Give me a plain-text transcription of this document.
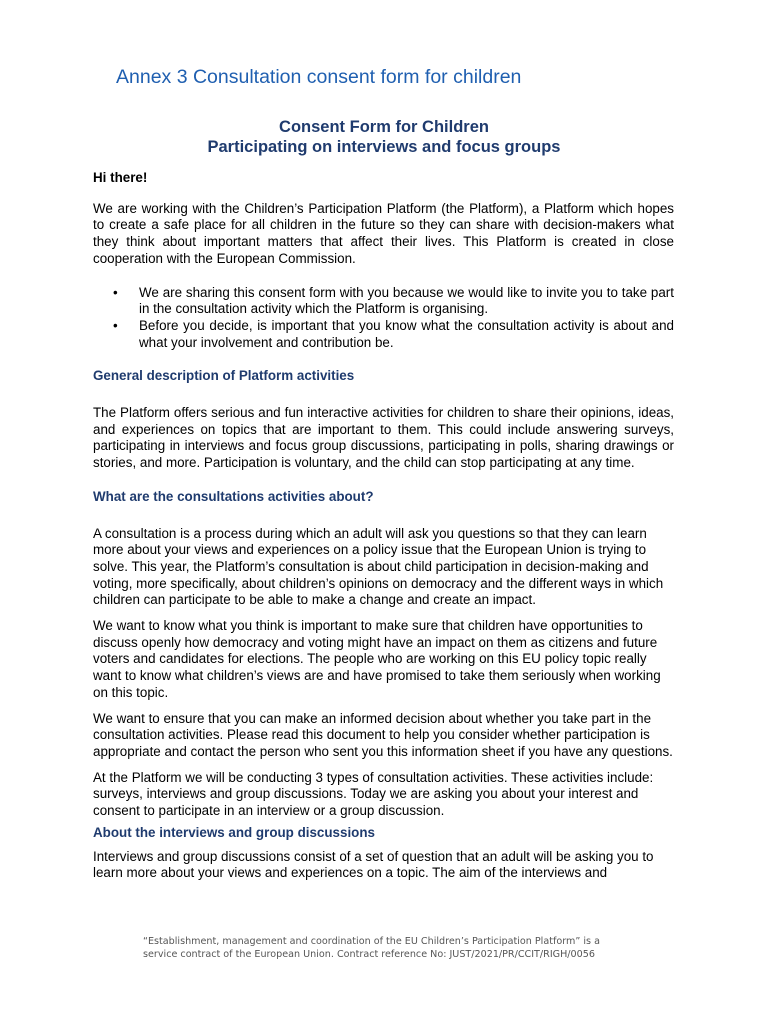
Annex 3 Consultation consent form for children
Consent Form for Children
Participating on interviews and focus groups

Hi there!

We are working with the Children’s Participation Platform (the Platform), a Platform which hopes to create a safe place for all children in the future so they can share with decision-makers what they think about important matters that affect their lives. This Platform is created in close cooperation with the European Commission.

• We are sharing this consent form with you because we would like to invite you to take part in the consultation activity which the Platform is organising.
• Before you decide, is important that you know what the consultation activity is about and what your involvement and contribution be.

General description of Platform activities

The Platform offers serious and fun interactive activities for children to share their opinions, ideas, and experiences on topics that are important to them. This could include answering surveys, participating in interviews and focus group discussions, participating in polls, sharing drawings or stories, and more. Participation is voluntary, and the child can stop participating at any time.

What are the consultations activities about?

A consultation is a process during which an adult will ask you questions so that they can learn more about your views and experiences on a policy issue that the European Union is trying to solve. This year, the Platform’s consultation is about child participation in decision-making and voting, more specifically, about children’s opinions on democracy and the different ways in which children can participate to be able to make a change and create an impact.

We want to know what you think is important to make sure that children have opportunities to discuss openly how democracy and voting might have an impact on them as citizens and future voters and candidates for elections. The people who are working on this EU policy topic really want to know what children’s views are and have promised to take them seriously when working on this topic.

We want to ensure that you can make an informed decision about whether you take part in the consultation activities. Please read this document to help you consider whether participation is appropriate and contact the person who sent you this information sheet if you have any questions.

At the Platform we will be conducting 3 types of consultation activities. These activities include: surveys, interviews and group discussions. Today we are asking you about your interest and consent to participate in an interview or a group discussion.

About the interviews and group discussions

Interviews and group discussions consist of a set of question that an adult will be asking you to learn more about your views and experiences on a topic. The aim of the interviews and

“Establishment, management and coordination of the EU Children’s Participation Platform” is a

service contract of the European Union. Contract reference No: JUST/2021/PR/CCIT/RIGH/0056
